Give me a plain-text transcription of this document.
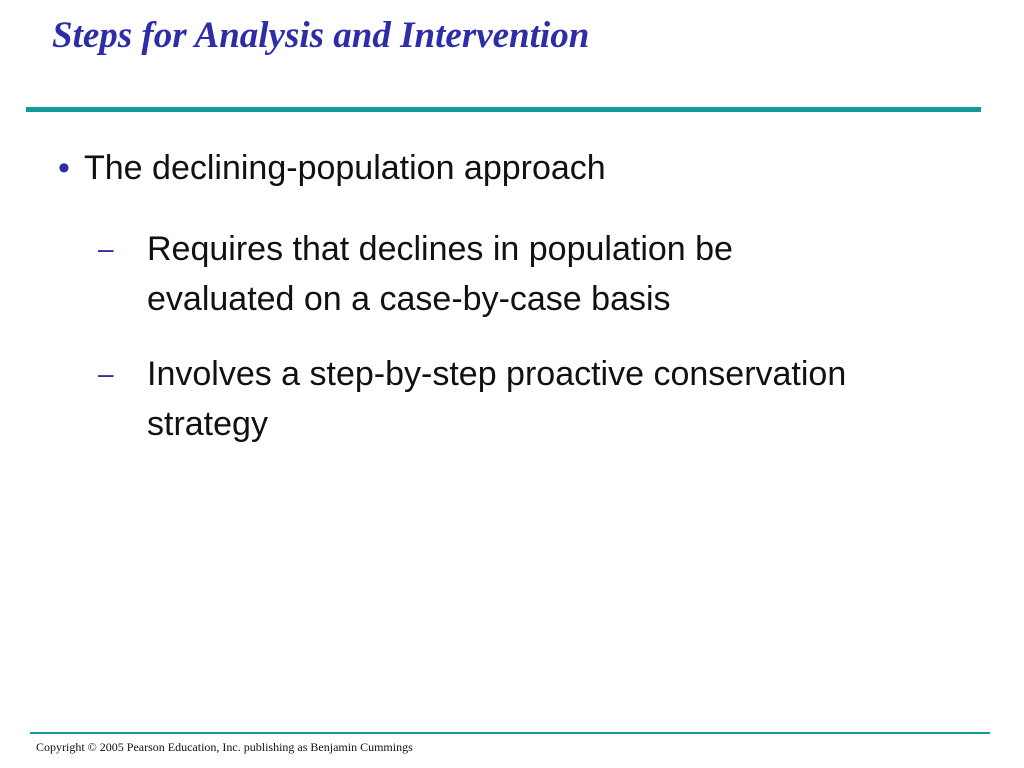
Steps for Analysis and Intervention
• The declining-population approach
– Requires that declines in population be
evaluated on a case-by-case basis
– Involves a step-by-step proactive conservation
strategy
Copyright © 2005 Pearson Education, Inc. publishing as Benjamin Cummings
